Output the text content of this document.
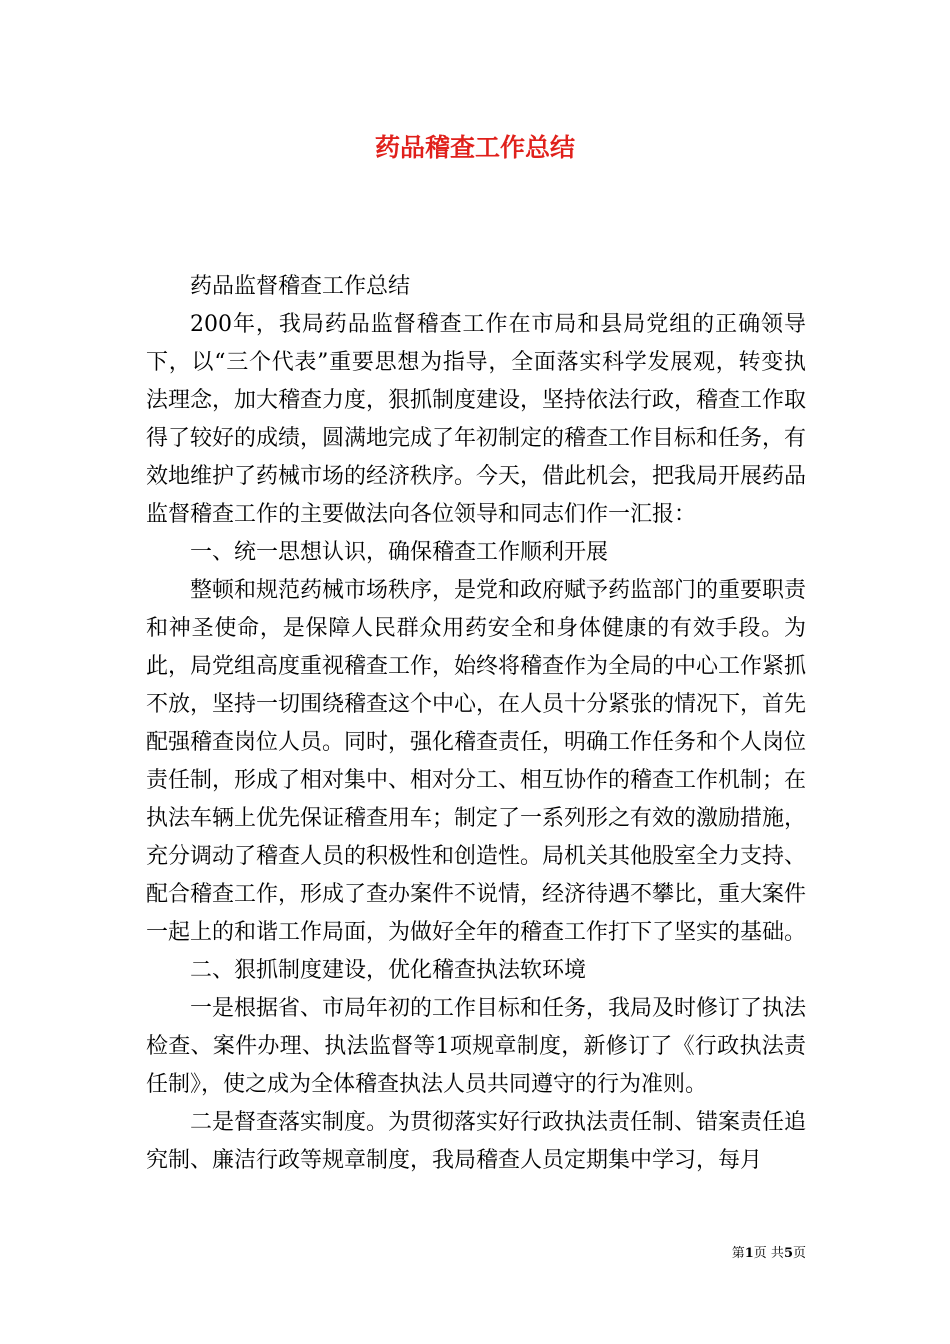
药品稽查工作总结

药品监督稽查工作总结

200年，我局药品监督稽查工作在市局和县局党组的正确领导下，以“三个代表”重要思想为指导，全面落实科学发展观，转变执法理念，加大稽查力度，狠抓制度建设，坚持依法行政，稽查工作取得了较好的成绩，圆满地完成了年初制定的稽查工作目标和任务，有效地维护了药械市场的经济秩序。今天，借此机会，把我局开展药品监督稽查工作的主要做法向各位领导和同志们作一汇报：

一、统一思想认识，确保稽查工作顺利开展

整顿和规范药械市场秩序，是党和政府赋予药监部门的重要职责和神圣使命，是保障人民群众用药安全和身体健康的有效手段。为此，局党组高度重视稽查工作，始终将稽查作为全局的中心工作紧抓不放，坚持一切围绕稽查这个中心，在人员十分紧张的情况下，首先配强稽查岗位人员。同时，强化稽查责任，明确工作任务和个人岗位责任制，形成了相对集中、相对分工、相互协作的稽查工作机制；在执法车辆上优先保证稽查用车；制定了一系列形之有效的激励措施，充分调动了稽查人员的积极性和创造性。局机关其他股室全力支持、配合稽查工作，形成了查办案件不说情，经济待遇不攀比，重大案件一起上的和谐工作局面，为做好全年的稽查工作打下了坚实的基础。

二、狠抓制度建设，优化稽查执法软环境

一是根据省、市局年初的工作目标和任务，我局及时修订了执法检查、案件办理、执法监督等1项规章制度，新修订了《行政执法责任制》，使之成为全体稽查执法人员共同遵守的行为准则。

二是督查落实制度。为贯彻落实好行政执法责任制、错案责任追究制、廉洁行政等规章制度，我局稽查人员定期集中学习，每月

第1页 共5页
